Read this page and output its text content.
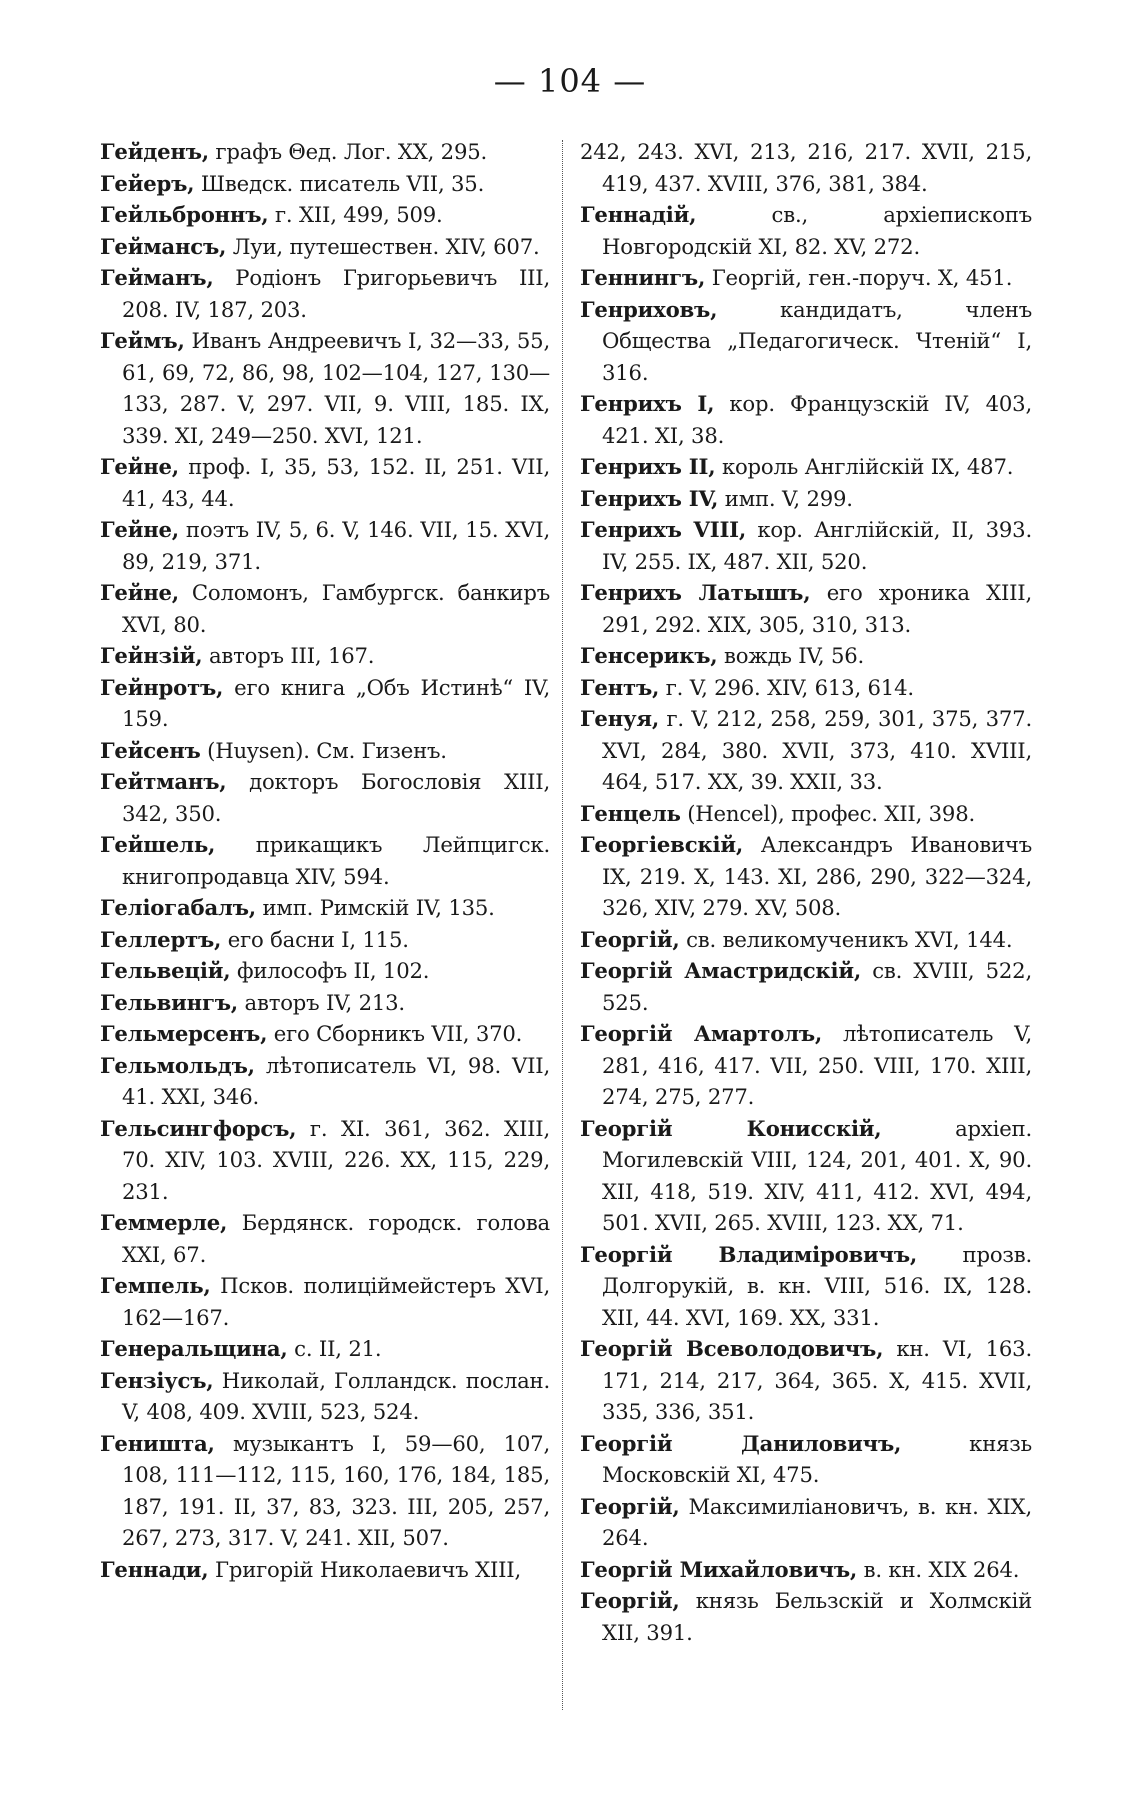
— 104 —

Гейденъ, графъ Θед. Лог. XX, 295.

Гейеръ, Шведск. писатель VII, 35.

Гейльброннъ, г. XII, 499, 509.

Геймансъ, Луи, путешествен. XIV, 607.

Гейманъ, Родіонъ Григорьевичъ III, 208. IV, 187, 203.

Геймъ, Иванъ Андреевичъ I, 32—33, 55, 61, 69, 72, 86, 98, 102—104, 127, 130—133, 287. V, 297. VII, 9. VIII, 185. IX, 339. XI, 249—250. XVI, 121.

Гейне, проф. I, 35, 53, 152. II, 251. VII, 41, 43, 44.

Гейне, поэтъ IV, 5, 6. V, 146. VII, 15. XVI, 89, 219, 371.

Гейне, Соломонъ, Гамбургск. банкиръ XVI, 80.

Гейнзій, авторъ III, 167.

Гейнротъ, его книга „Объ Истинѣ“ IV, 159.

Гейсенъ (Huysen). См. Гизенъ.

Гейтманъ, докторъ Богословія XIII, 342, 350.

Гейшель, прикащикъ Лейпцигск. книгопродавца XIV, 594.

Геліогабалъ, имп. Римскій IV, 135.

Геллертъ, его басни I, 115.

Гельвецій, философъ II, 102.

Гельвингъ, авторъ IV, 213.

Гельмерсенъ, его Сборникъ VII, 370.

Гельмольдъ, лѣтописатель VI, 98. VII, 41. XXI, 346.

Гельсингфорсъ, г. XI. 361, 362. XIII, 70. XIV, 103. XVIII, 226. XX, 115, 229, 231.

Геммерле, Бердянск. городск. голова XXI, 67.

Гемпель, Псков. полиціймейстеръ XVI, 162—167.

Генеральщина, с. II, 21.

Гензіусъ, Николай, Голландск. послан. V, 408, 409. XVIII, 523, 524.

Геништа, музыкантъ I, 59—60, 107, 108, 111—112, 115, 160, 176, 184, 185, 187, 191. II, 37, 83, 323. III, 205, 257, 267, 273, 317. V, 241. XII, 507.

Геннади, Григорій Николаевичъ XIII,

242, 243. XVI, 213, 216, 217. XVII, 215, 419, 437. XVIII, 376, 381, 384.

Геннадій,	св., архіепископъ Новгородскій XI, 82. XV, 272.

Геннингъ, Георгій, ген.-поруч. X, 451.

Генриховъ,	кандидатъ, членъ Общества „Педагогическ. Чтеній“ I, 316.

Генрихъ I, кор. Французскій IV, 403, 421. XI, 38.

Генрихъ II, король Англійскій IX, 487.

Генрихъ IV, имп. V, 299.

Генрихъ VIII, кор. Англійскій, II, 393. IV, 255. IX, 487. XII, 520.

Генрихъ Латышъ, его хроника XIII, 291, 292. XIX, 305, 310, 313.

Генсерикъ, вождь IV, 56.

Гентъ, г. V, 296. XIV, 613, 614.

Генуя, г. V, 212, 258, 259, 301, 375, 377. XVI, 284, 380. XVII, 373, 410. XVIII, 464, 517. XX, 39. XXII, 33.

Генцель (Hencel), профес. XII, 398.

Георгіевскій, Александръ Ивановичъ IX, 219. X, 143. XI, 286, 290, 322—324, 326, XIV, 279. XV, 508.

Георгій, св. великомученикъ XVI, 144.

Георгій Амастридскій, св. XVIII, 522, 525.

Георгій Амартолъ, лѣтописатель V, 281, 416, 417. VII, 250. VIII, 170. XIII, 274, 275, 277.

Георгій Конисскій,	архіеп. Могилевскій VIII, 124, 201, 401. X, 90. XII, 418, 519. XIV, 411, 412. XVI, 494, 501. XVII, 265. XVIII, 123. XX, 71.

Георгій Владиміровичъ, прозв. Долгорукій, в. кн. VIII, 516. IX, 128. XII, 44. XVI, 169. XX, 331.

Георгій Всеволодовичъ, кн. VI, 163. 171, 214, 217, 364, 365. X, 415. XVII, 335, 336, 351.

Георгій Даниловичъ,	князь Московскій XI, 475.

Георгій, Максимиліановичъ, в. кн. XIX, 264.

Георгій Михайловичъ, в. кн. XIX 264.

Георгій, князь Бельзскій и Холмскій XII, 391.
